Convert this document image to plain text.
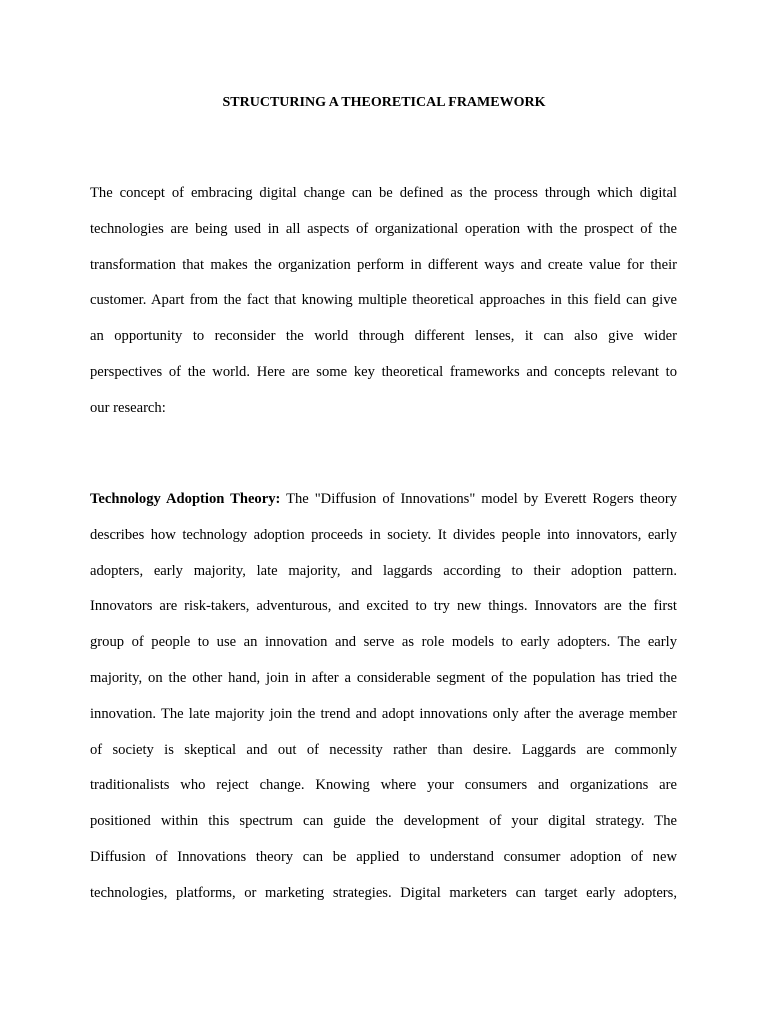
STRUCTURING A THEORETICAL FRAMEWORK

The concept of embracing digital change can be defined as the process through which digital
technologies are being used in all aspects of organizational operation with the prospect of the
transformation that makes the organization perform in different ways and create value for their
customer. Apart from the fact that knowing multiple theoretical approaches in this field can give
an opportunity to reconsider the world through different lenses, it can also give wider
perspectives of the world. Here are some key theoretical frameworks and concepts relevant to
our research:

Technology Adoption Theory: The "Diffusion of Innovations" model by Everett Rogers theory
describes how technology adoption proceeds in society. It divides people into innovators, early
adopters, early majority, late majority, and laggards according to their adoption pattern.
Innovators are risk-takers, adventurous, and excited to try new things. Innovators are the first
group of people to use an innovation and serve as role models to early adopters. The early
majority, on the other hand, join in after a considerable segment of the population has tried the
innovation. The late majority join the trend and adopt innovations only after the average member
of society is skeptical and out of necessity rather than desire. Laggards are commonly
traditionalists who reject change. Knowing where your consumers and organizations are
positioned within this spectrum can guide the development of your digital strategy. The
Diffusion of Innovations theory can be applied to understand consumer adoption of new
technologies, platforms, or marketing strategies. Digital marketers can target early adopters,
